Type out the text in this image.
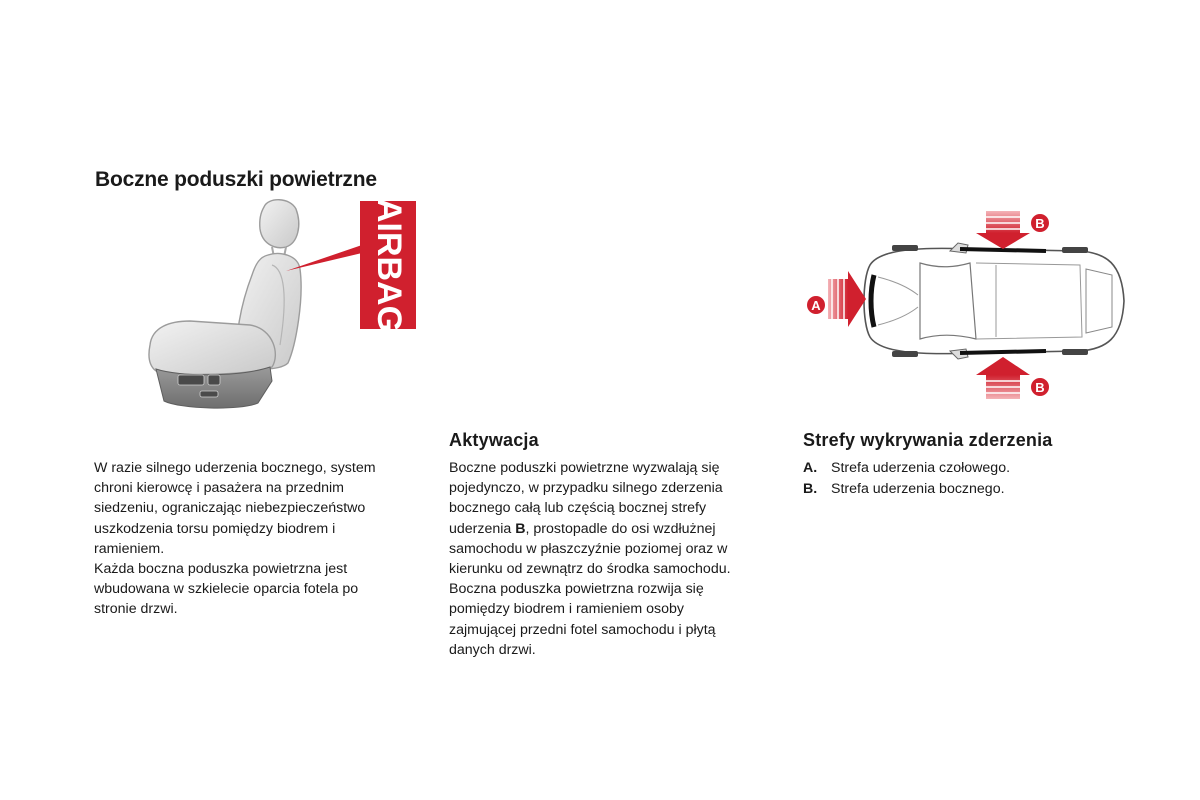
Boczne poduszki powietrzne
AIRBAG	A
B
B

W razie silnego uderzenia bocznego, system
chroni kierowcę i pasażera na przednim
siedzeniu, ograniczając niebezpieczeństwo
uszkodzenia torsu pomiędzy biodrem i
ramieniem.
Każda boczna poduszka powietrzna jest
wbudowana w szkielecie oparcia fotela po
stronie drzwi.

Aktywacja

Boczne poduszki powietrzne wyzwalają się
pojedynczo, w przypadku silnego zderzenia
bocznego całą lub częścią bocznej strefy
uderzenia B, prostopadle do osi wzdłużnej
samochodu w płaszczyźnie poziomej oraz w
kierunku od zewnątrz do środka samochodu.
Boczna poduszka powietrzna rozwija się
pomiędzy biodrem i ramieniem osoby
zajmującej przedni fotel samochodu i płytą
danych drzwi.

Strefy wykrywania zderzenia
A. Strefa uderzenia czołowego.
B. Strefa uderzenia bocznego.
